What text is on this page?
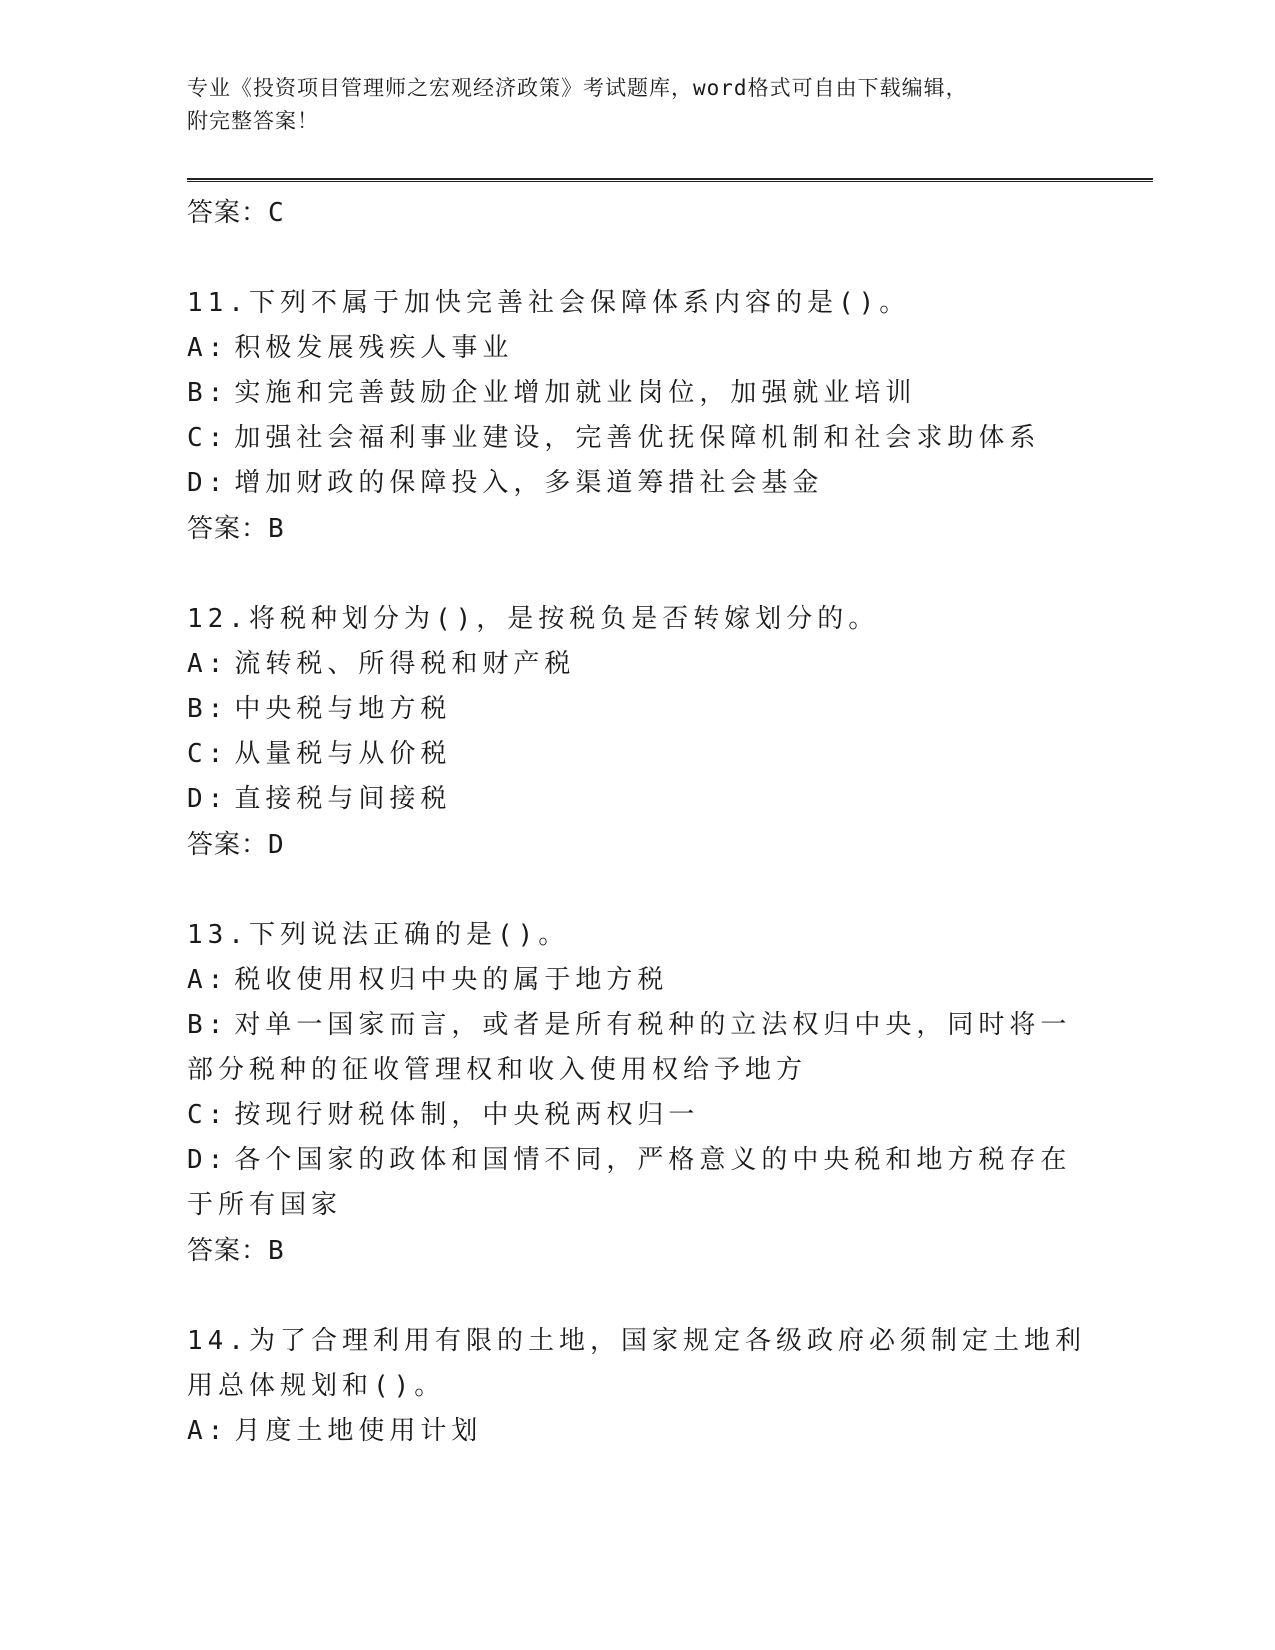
专业《投资项目管理师之宏观经济政策》考试题库，word格式可自由下载编辑，
附完整答案！
答案：C
11.下列不属于加快完善社会保障体系内容的是()。
A: 积极发展残疾人事业
B: 实施和完善鼓励企业增加就业岗位，加强就业培训
C: 加强社会福利事业建设，完善优抚保障机制和社会求助体系
D: 增加财政的保障投入，多渠道筹措社会基金
答案：B
12.将税种划分为()，是按税负是否转嫁划分的。
A: 流转税、所得税和财产税
B: 中央税与地方税
C: 从量税与从价税
D: 直接税与间接税
答案：D
13.下列说法正确的是()。
A: 税收使用权归中央的属于地方税
B: 对单一国家而言，或者是所有税种的立法权归中央，同时将一部分税种的征收管理权和收入使用权给予地方
C: 按现行财税体制，中央税两权归一
D: 各个国家的政体和国情不同，严格意义的中央税和地方税存在于所有国家
答案：B
14.为了合理利用有限的土地，国家规定各级政府必须制定土地利用总体规划和()。
A: 月度土地使用计划
